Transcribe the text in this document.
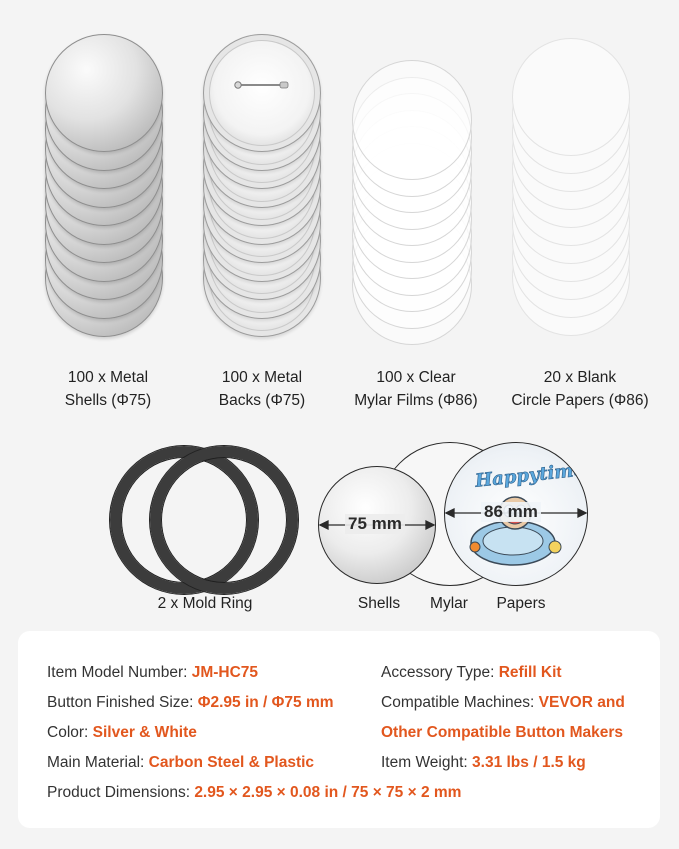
100 x Metal
Shells (Φ75)
100 x Metal
Backs (Φ75)
100 x Clear
Mylar Films (Φ86)
20 x Blank
Circle Papers (Φ86)
2 x Mold Ring
Happytime
75 mm
86 mm
Shells	Mylar	Papers
Item Model Number: JM-HC75
Button Finished Size: Φ2.95 in / Φ75 mm
Color: Silver & White
Main Material: Carbon Steel & Plastic
Product Dimensions: 2.95 × 2.95 × 0.08 in / 75 × 75 × 2 mm
Accessory Type: Refill Kit
Compatible Machines: VEVOR and
Other Compatible Button Makers
Item Weight: 3.31 lbs / 1.5 kg
